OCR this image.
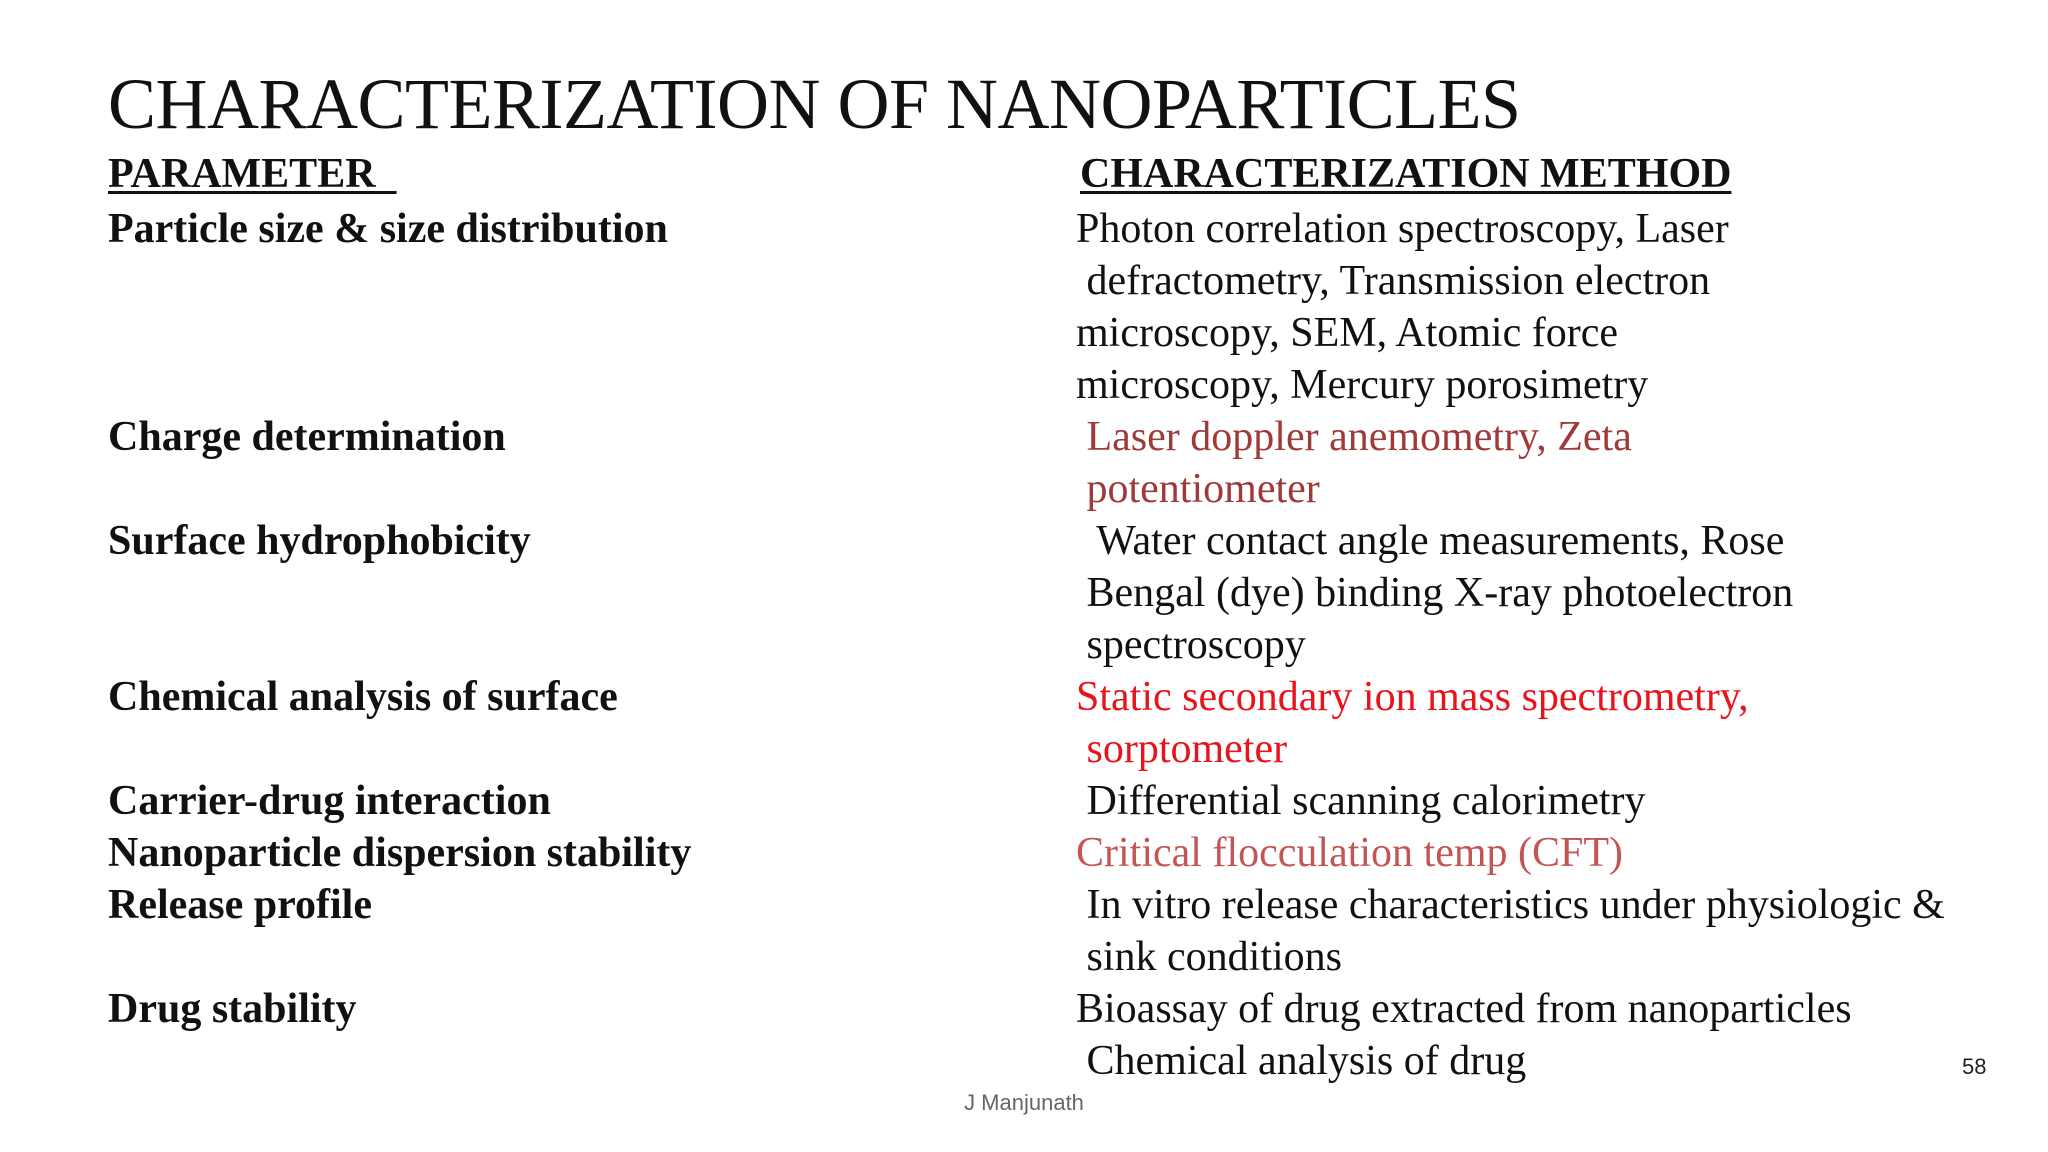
CHARACTERIZATION OF NANOPARTICLES
PARAMETER	CHARACTERIZATION METHOD
Particle size & size distribution	Photon correlation spectroscopy, Laser
defractometry, Transmission electron
microscopy, SEM, Atomic force
microscopy, Mercury porosimetry
Charge determination	Laser doppler anemometry, Zeta
potentiometer
Surface hydrophobicity	Water contact angle measurements, Rose
Bengal (dye) binding X-ray photoelectron
spectroscopy
Chemical analysis of surface	Static secondary ion mass spectrometry,
sorptometer
Carrier-drug interaction	Differential scanning calorimetry
Nanoparticle dispersion stability	Critical flocculation temp (CFT)
Release profile	In vitro release characteristics under physiologic &
sink conditions
Drug stability	Bioassay of drug extracted from nanoparticles
Chemical analysis of drug
J Manjunath
58
